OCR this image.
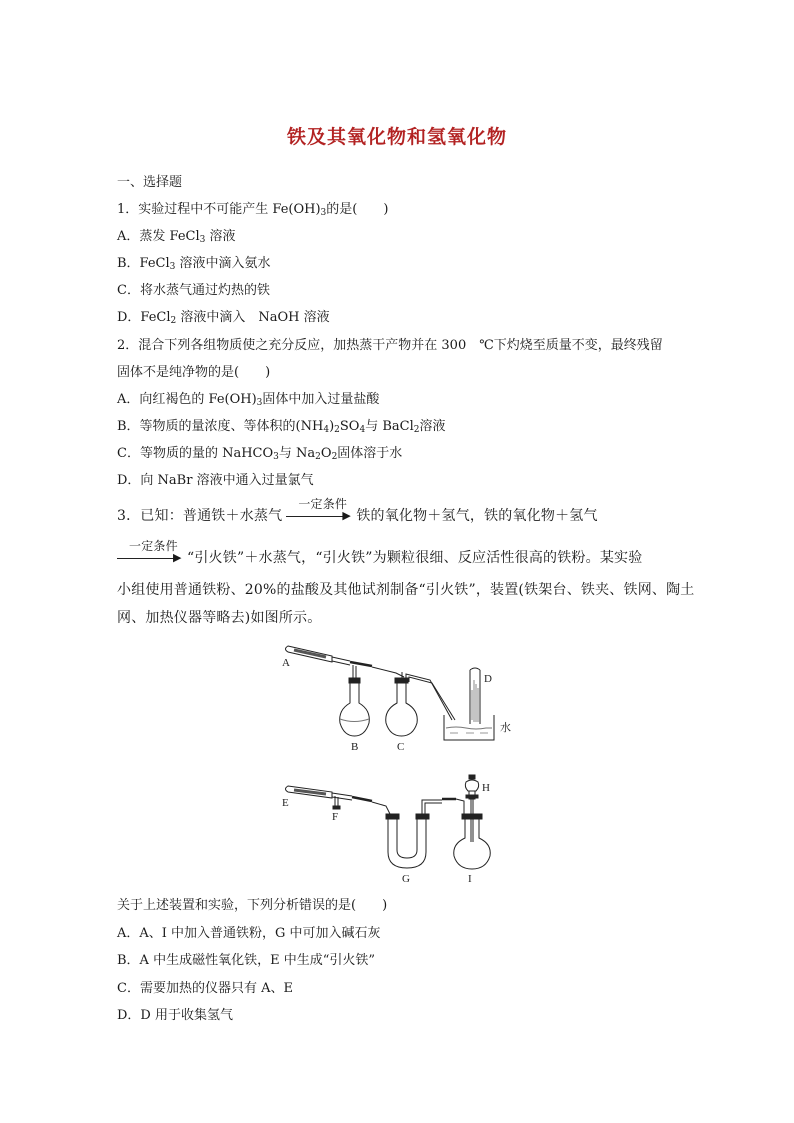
铁及其氧化物和氢氧化物
一、选择题
1．实验过程中不可能产生 $Fe(OH)_3$的是(　　)
A．蒸发 FeCl$_3$ 溶液
B．FeCl$_3$ 溶液中滴入氨水
C．将水蒸气通过灼热的铁
D．FeCl$_2$ 溶液中滴入　NaOH 溶液
2．混合下列各组物质使之充分反应，加热蒸干产物并在 300　℃下灼烧至质量不变，最终残留
固体不是纯净物的是(　　)
A．向红褐色的 $Fe(OH)_3$固体中加入过量盐酸
B．等物质的量浓度、等体积的$(NH_4)_2SO_4$与 BaCl$_2$溶液
C．等物质的量的 NaHCO$_3$与 $Na_2O_2$固体溶于水
D．向 NaBr 溶液中通入过量氯气
3．已知：普通铁＋水蒸气
一定条件
▶ 铁的氧化物＋氢气，铁的氧化物＋氢气
一定条件
▶ “引火铁”＋水蒸气，“引火铁”为颗粒很细、反应活性很高的铁粉。某实验
小组使用普通铁粉、20%的盐酸及其他试剂制备“引火铁”，装置(铁架台、铁夹、铁网、陶土
网、加热仪器等略去)如图所示。
A
B	C
D
水
E
F
G
H
I
关于上述装置和实验，下列分析错误的是(　　)
A．A、I 中加入普通铁粉，G 中可加入碱石灰
B．A 中生成磁性氧化铁，E 中生成“引火铁”
C．需要加热的仪器只有 A、E
D．D 用于收集氢气
